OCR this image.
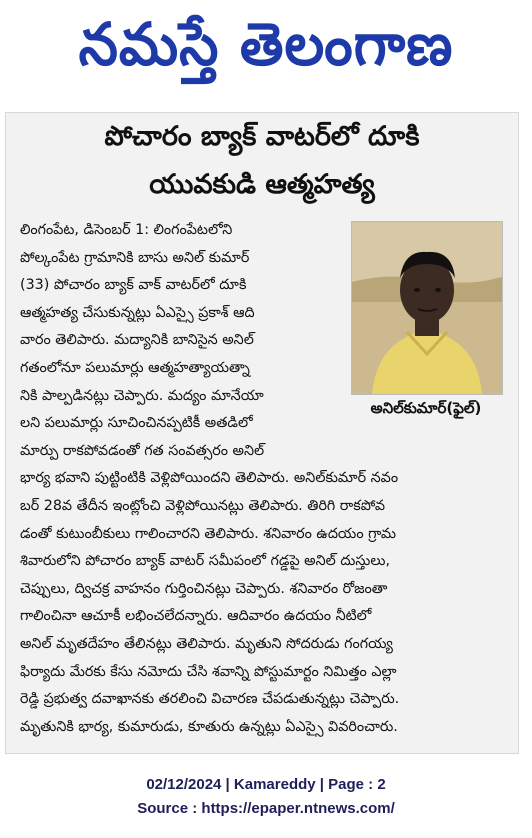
నమస్తే తెలంగాణ
పోచారం బ్యాక్ వాటర్‌లో దూకి
యువకుడి ఆత్మహత్య
అనిల్‌కుమార్(ఫైల్)
లింగంపేట, డిసెంబర్ 1: లింగంపేటలోని
పోల్కంపేట గ్రామానికి బాసు అనిల్ కుమార్
(33) పోచారం బ్యాక్ వాక్ వాటర్‌లో దూకి
ఆత్మహత్య చేసుకున్నట్లు ఏఎస్సై ప్రకాశ్ ఆది
వారం తెలిపారు. మద్యానికి బానిసైన అనిల్
గతంలోనూ పలుమార్లు ఆత్మహత్యాయత్నా
నికి పాల్పడినట్లు చెప్పారు. మద్యం మానేయా
లని పలుమార్లు సూచించినప్పటికీ అతడిలో
మార్పు రాకపోవడంతో గత సంవత్సరం అనిల్
భార్య భవాని పుట్టింటికి వెళ్లిపోయిందని తెలిపారు. అనిల్‌కుమార్ నవం
బర్ 28వ తేదీన ఇంట్లోంచి వెళ్లిపోయినట్లు తెలిపారు. తిరిగి రాకపోవ
డంతో కుటుంబీకులు గాలించారని తెలిపారు. శనివారం ఉదయం గ్రామ
శివారులోని పోచారం బ్యాక్ వాటర్ సమీపంలో గడ్డపై అనిల్ దుస్తులు,
చెప్పులు, ద్విచక్ర వాహనం గుర్తించినట్లు చెప్పారు. శనివారం రోజంతా
గాలించినా ఆచూకీ లభించలేదన్నారు. ఆదివారం ఉదయం నీటిలో
అనిల్ మృతదేహం తేలినట్లు తెలిపారు. మృతుని సోదరుడు గంగయ్య
ఫిర్యాదు మేరకు కేసు నమోదు చేసి శవాన్ని పోస్టుమార్టం నిమిత్తం ఎల్లా
రెడ్డి ప్రభుత్వ దవాఖానకు తరలించి విచారణ చేపడుతున్నట్లు చెప్పారు.
మృతునికి భార్య, కుమారుడు, కూతురు ఉన్నట్లు ఏఎస్సై వివరించారు.
02/12/2024 | Kamareddy | Page : 2
Source : https://epaper.ntnews.com/
